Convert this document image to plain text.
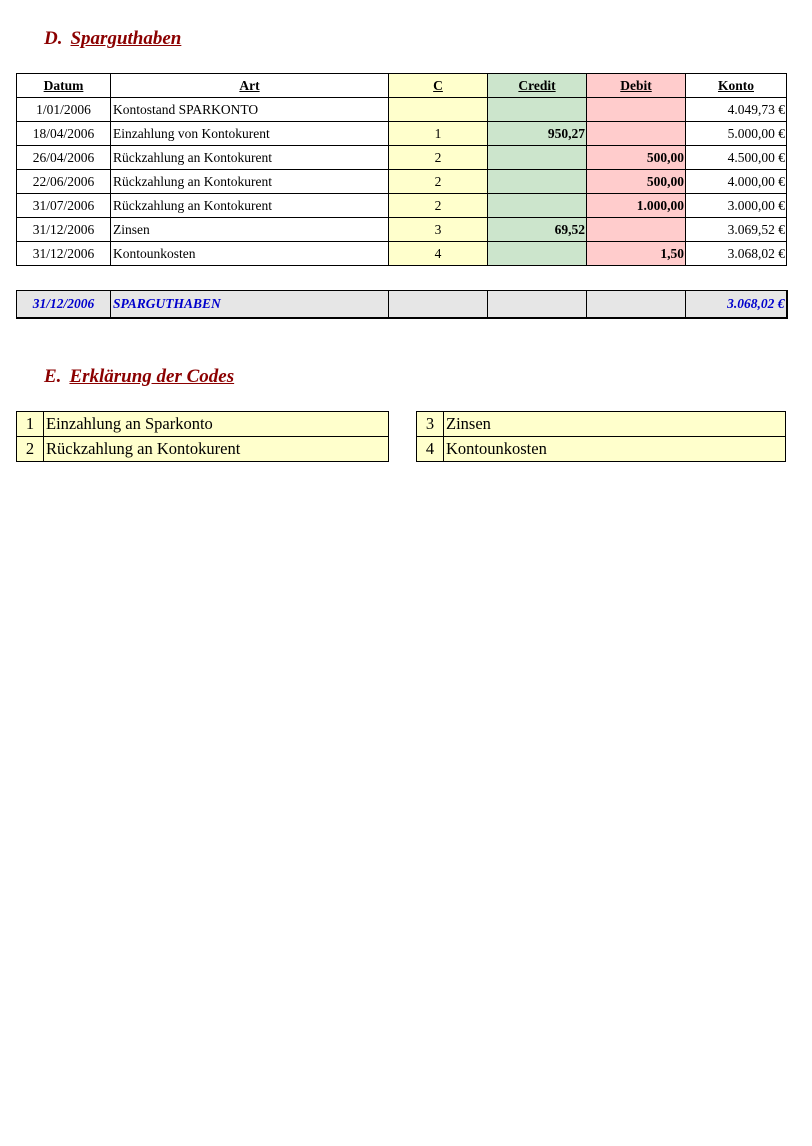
D. Sparguthaben
Datum	Art	C	Credit	Debit	Konto
1/01/2006	Kontostand SPARKONTO				4.049,73 €
18/04/2006	Einzahlung von Kontokurent	1	950,27		5.000,00 €
26/04/2006	Rückzahlung an Kontokurent	2		500,00	4.500,00 €
22/06/2006	Rückzahlung an Kontokurent	2		500,00	4.000,00 €
31/07/2006	Rückzahlung an Kontokurent	2		1.000,00	3.000,00 €
31/12/2006	Zinsen	3	69,52		3.069,52 €
31/12/2006	Kontounkosten	4		1,50	3.068,02 €
31/12/2006	SPARGUTHABEN				3.068,02 €
E. Erklärung der Codes
1	Einzahlung an Sparkonto
2	Rückzahlung an Kontokurent
3	Zinsen
4	Kontounkosten
